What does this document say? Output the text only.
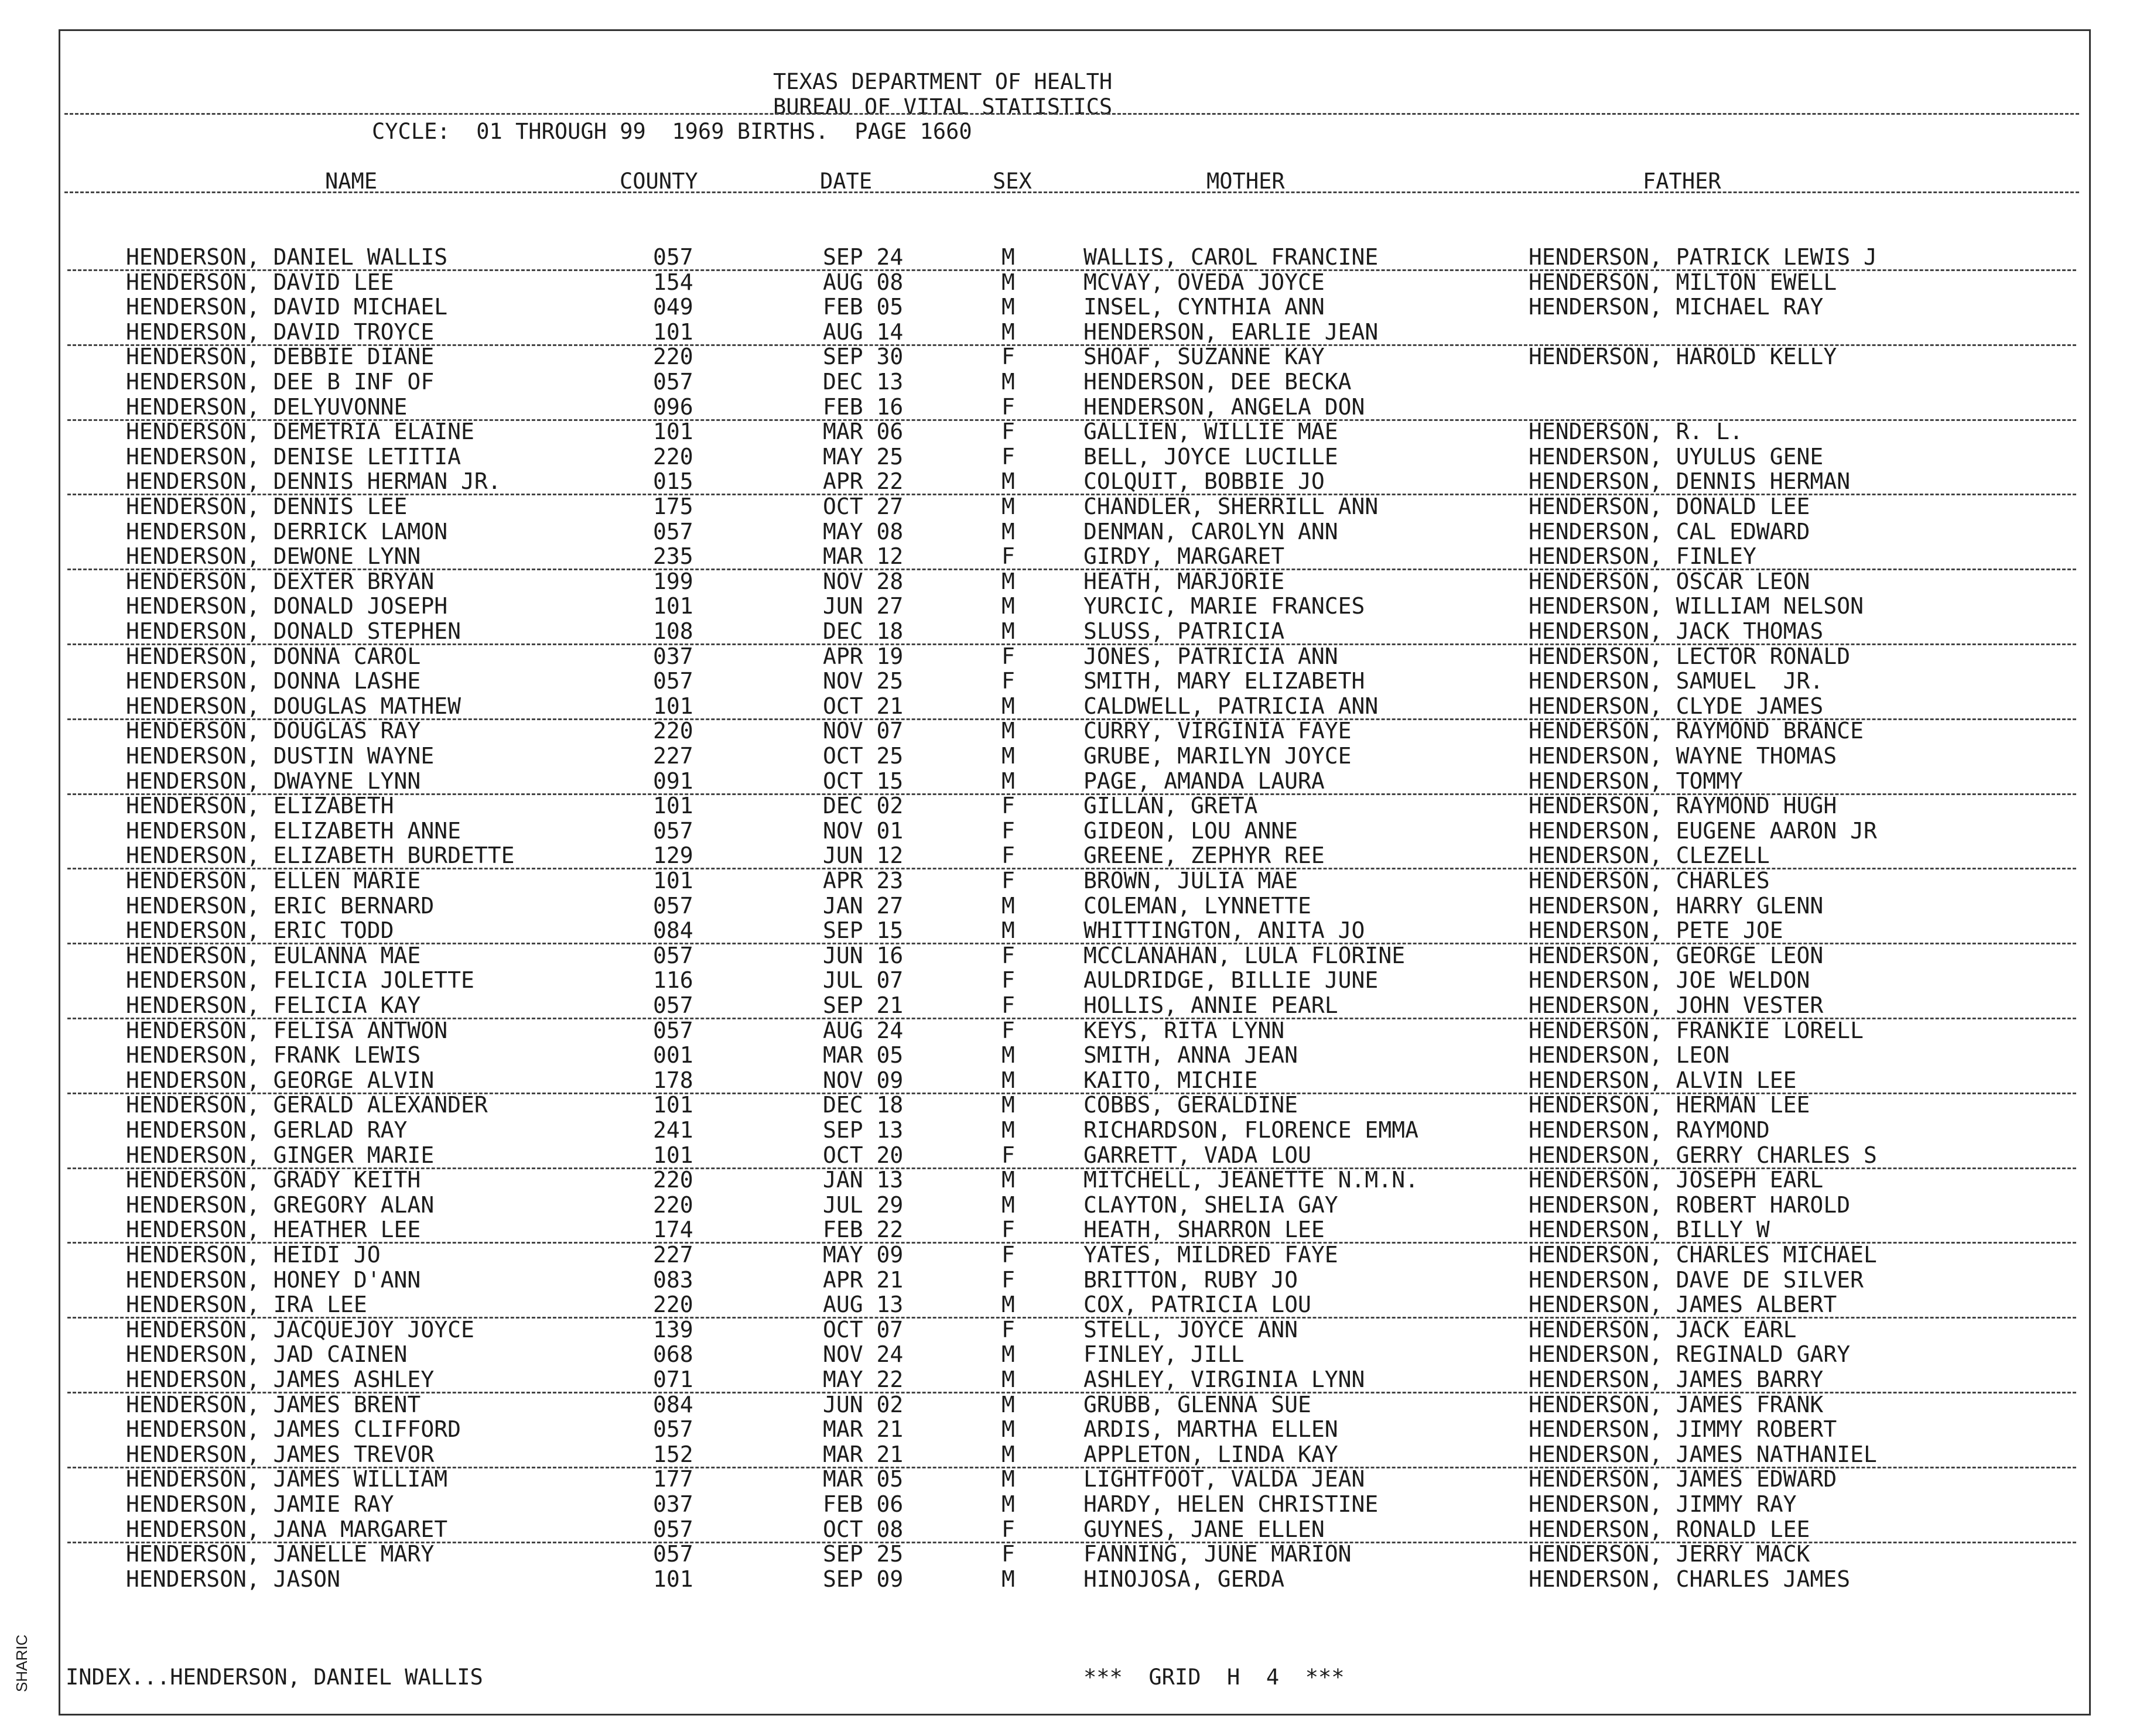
TEXAS DEPARTMENT OF HEALTH
BUREAU OF VITAL STATISTICS
CYCLE:  01 THROUGH 99  1969 BIRTHS.  PAGE 1660
NAME	COUNTY	DATE	SEX	MOTHER	FATHER
HENDERSON, DANIEL WALLIS	057	SEP 24	M	WALLIS, CAROL FRANCINE	HENDERSON, PATRICK LEWIS J
HENDERSON, DAVID LEE	154	AUG 08	M	MCVAY, OVEDA JOYCE	HENDERSON, MILTON EWELL
HENDERSON, DAVID MICHAEL	049	FEB 05	M	INSEL, CYNTHIA ANN	HENDERSON, MICHAEL RAY
HENDERSON, DAVID TROYCE	101	AUG 14	M	HENDERSON, EARLIE JEAN
HENDERSON, DEBBIE DIANE	220	SEP 30	F	SHOAF, SUZANNE KAY	HENDERSON, HAROLD KELLY
HENDERSON, DEE B INF OF	057	DEC 13	M	HENDERSON, DEE BECKA
HENDERSON, DELYUVONNE	096	FEB 16	F	HENDERSON, ANGELA DON
HENDERSON, DEMETRIA ELAINE	101	MAR 06	F	GALLIEN, WILLIE MAE	HENDERSON, R. L.
HENDERSON, DENISE LETITIA	220	MAY 25	F	BELL, JOYCE LUCILLE	HENDERSON, UYULUS GENE
HENDERSON, DENNIS HERMAN JR.	015	APR 22	M	COLQUIT, BOBBIE JO	HENDERSON, DENNIS HERMAN
HENDERSON, DENNIS LEE	175	OCT 27	M	CHANDLER, SHERRILL ANN	HENDERSON, DONALD LEE
HENDERSON, DERRICK LAMON	057	MAY 08	M	DENMAN, CAROLYN ANN	HENDERSON, CAL EDWARD
HENDERSON, DEWONE LYNN	235	MAR 12	F	GIRDY, MARGARET	HENDERSON, FINLEY
HENDERSON, DEXTER BRYAN	199	NOV 28	M	HEATH, MARJORIE	HENDERSON, OSCAR LEON
HENDERSON, DONALD JOSEPH	101	JUN 27	M	YURCIC, MARIE FRANCES	HENDERSON, WILLIAM NELSON
HENDERSON, DONALD STEPHEN	108	DEC 18	M	SLUSS, PATRICIA	HENDERSON, JACK THOMAS
HENDERSON, DONNA CAROL	037	APR 19	F	JONES, PATRICIA ANN	HENDERSON, LECTOR RONALD
HENDERSON, DONNA LASHE	057	NOV 25	F	SMITH, MARY ELIZABETH	HENDERSON, SAMUEL  JR.
HENDERSON, DOUGLAS MATHEW	101	OCT 21	M	CALDWELL, PATRICIA ANN	HENDERSON, CLYDE JAMES
HENDERSON, DOUGLAS RAY	220	NOV 07	M	CURRY, VIRGINIA FAYE	HENDERSON, RAYMOND BRANCE
HENDERSON, DUSTIN WAYNE	227	OCT 25	M	GRUBE, MARILYN JOYCE	HENDERSON, WAYNE THOMAS
HENDERSON, DWAYNE LYNN	091	OCT 15	M	PAGE, AMANDA LAURA	HENDERSON, TOMMY
HENDERSON, ELIZABETH	101	DEC 02	F	GILLAN, GRETA	HENDERSON, RAYMOND HUGH
HENDERSON, ELIZABETH ANNE	057	NOV 01	F	GIDEON, LOU ANNE	HENDERSON, EUGENE AARON JR
HENDERSON, ELIZABETH BURDETTE	129	JUN 12	F	GREENE, ZEPHYR REE	HENDERSON, CLEZELL
HENDERSON, ELLEN MARIE	101	APR 23	F	BROWN, JULIA MAE	HENDERSON, CHARLES
HENDERSON, ERIC BERNARD	057	JAN 27	M	COLEMAN, LYNNETTE	HENDERSON, HARRY GLENN
HENDERSON, ERIC TODD	084	SEP 15	M	WHITTINGTON, ANITA JO	HENDERSON, PETE JOE
HENDERSON, EULANNA MAE	057	JUN 16	F	MCCLANAHAN, LULA FLORINE	HENDERSON, GEORGE LEON
HENDERSON, FELICIA JOLETTE	116	JUL 07	F	AULDRIDGE, BILLIE JUNE	HENDERSON, JOE WELDON
HENDERSON, FELICIA KAY	057	SEP 21	F	HOLLIS, ANNIE PEARL	HENDERSON, JOHN VESTER
HENDERSON, FELISA ANTWON	057	AUG 24	F	KEYS, RITA LYNN	HENDERSON, FRANKIE LORELL
HENDERSON, FRANK LEWIS	001	MAR 05	M	SMITH, ANNA JEAN	HENDERSON, LEON
HENDERSON, GEORGE ALVIN	178	NOV 09	M	KAITO, MICHIE	HENDERSON, ALVIN LEE
HENDERSON, GERALD ALEXANDER	101	DEC 18	M	COBBS, GERALDINE	HENDERSON, HERMAN LEE
HENDERSON, GERLAD RAY	241	SEP 13	M	RICHARDSON, FLORENCE EMMA	HENDERSON, RAYMOND
HENDERSON, GINGER MARIE	101	OCT 20	F	GARRETT, VADA LOU	HENDERSON, GERRY CHARLES S
HENDERSON, GRADY KEITH	220	JAN 13	M	MITCHELL, JEANETTE N.M.N.	HENDERSON, JOSEPH EARL
HENDERSON, GREGORY ALAN	220	JUL 29	M	CLAYTON, SHELIA GAY	HENDERSON, ROBERT HAROLD
HENDERSON, HEATHER LEE	174	FEB 22	F	HEATH, SHARRON LEE	HENDERSON, BILLY W
HENDERSON, HEIDI JO	227	MAY 09	F	YATES, MILDRED FAYE	HENDERSON, CHARLES MICHAEL
HENDERSON, HONEY D'ANN	083	APR 21	F	BRITTON, RUBY JO	HENDERSON, DAVE DE SILVER
HENDERSON, IRA LEE	220	AUG 13	M	COX, PATRICIA LOU	HENDERSON, JAMES ALBERT
HENDERSON, JACQUEJOY JOYCE	139	OCT 07	F	STELL, JOYCE ANN	HENDERSON, JACK EARL
HENDERSON, JAD CAINEN	068	NOV 24	M	FINLEY, JILL	HENDERSON, REGINALD GARY
HENDERSON, JAMES ASHLEY	071	MAY 22	M	ASHLEY, VIRGINIA LYNN	HENDERSON, JAMES BARRY
HENDERSON, JAMES BRENT	084	JUN 02	M	GRUBB, GLENNA SUE	HENDERSON, JAMES FRANK
HENDERSON, JAMES CLIFFORD	057	MAR 21	M	ARDIS, MARTHA ELLEN	HENDERSON, JIMMY ROBERT
HENDERSON, JAMES TREVOR	152	MAR 21	M	APPLETON, LINDA KAY	HENDERSON, JAMES NATHANIEL
HENDERSON, JAMES WILLIAM	177	MAR 05	M	LIGHTFOOT, VALDA JEAN	HENDERSON, JAMES EDWARD
HENDERSON, JAMIE RAY	037	FEB 06	M	HARDY, HELEN CHRISTINE	HENDERSON, JIMMY RAY
HENDERSON, JANA MARGARET	057	OCT 08	F	GUYNES, JANE ELLEN	HENDERSON, RONALD LEE
HENDERSON, JANELLE MARY	057	SEP 25	F	FANNING, JUNE MARION	HENDERSON, JERRY MACK
HENDERSON, JASON	101	SEP 09	M	HINOJOSA, GERDA	HENDERSON, CHARLES JAMES
INDEX...HENDERSON, DANIEL WALLIS	***  GRID  H  4  ***
SHARIC
